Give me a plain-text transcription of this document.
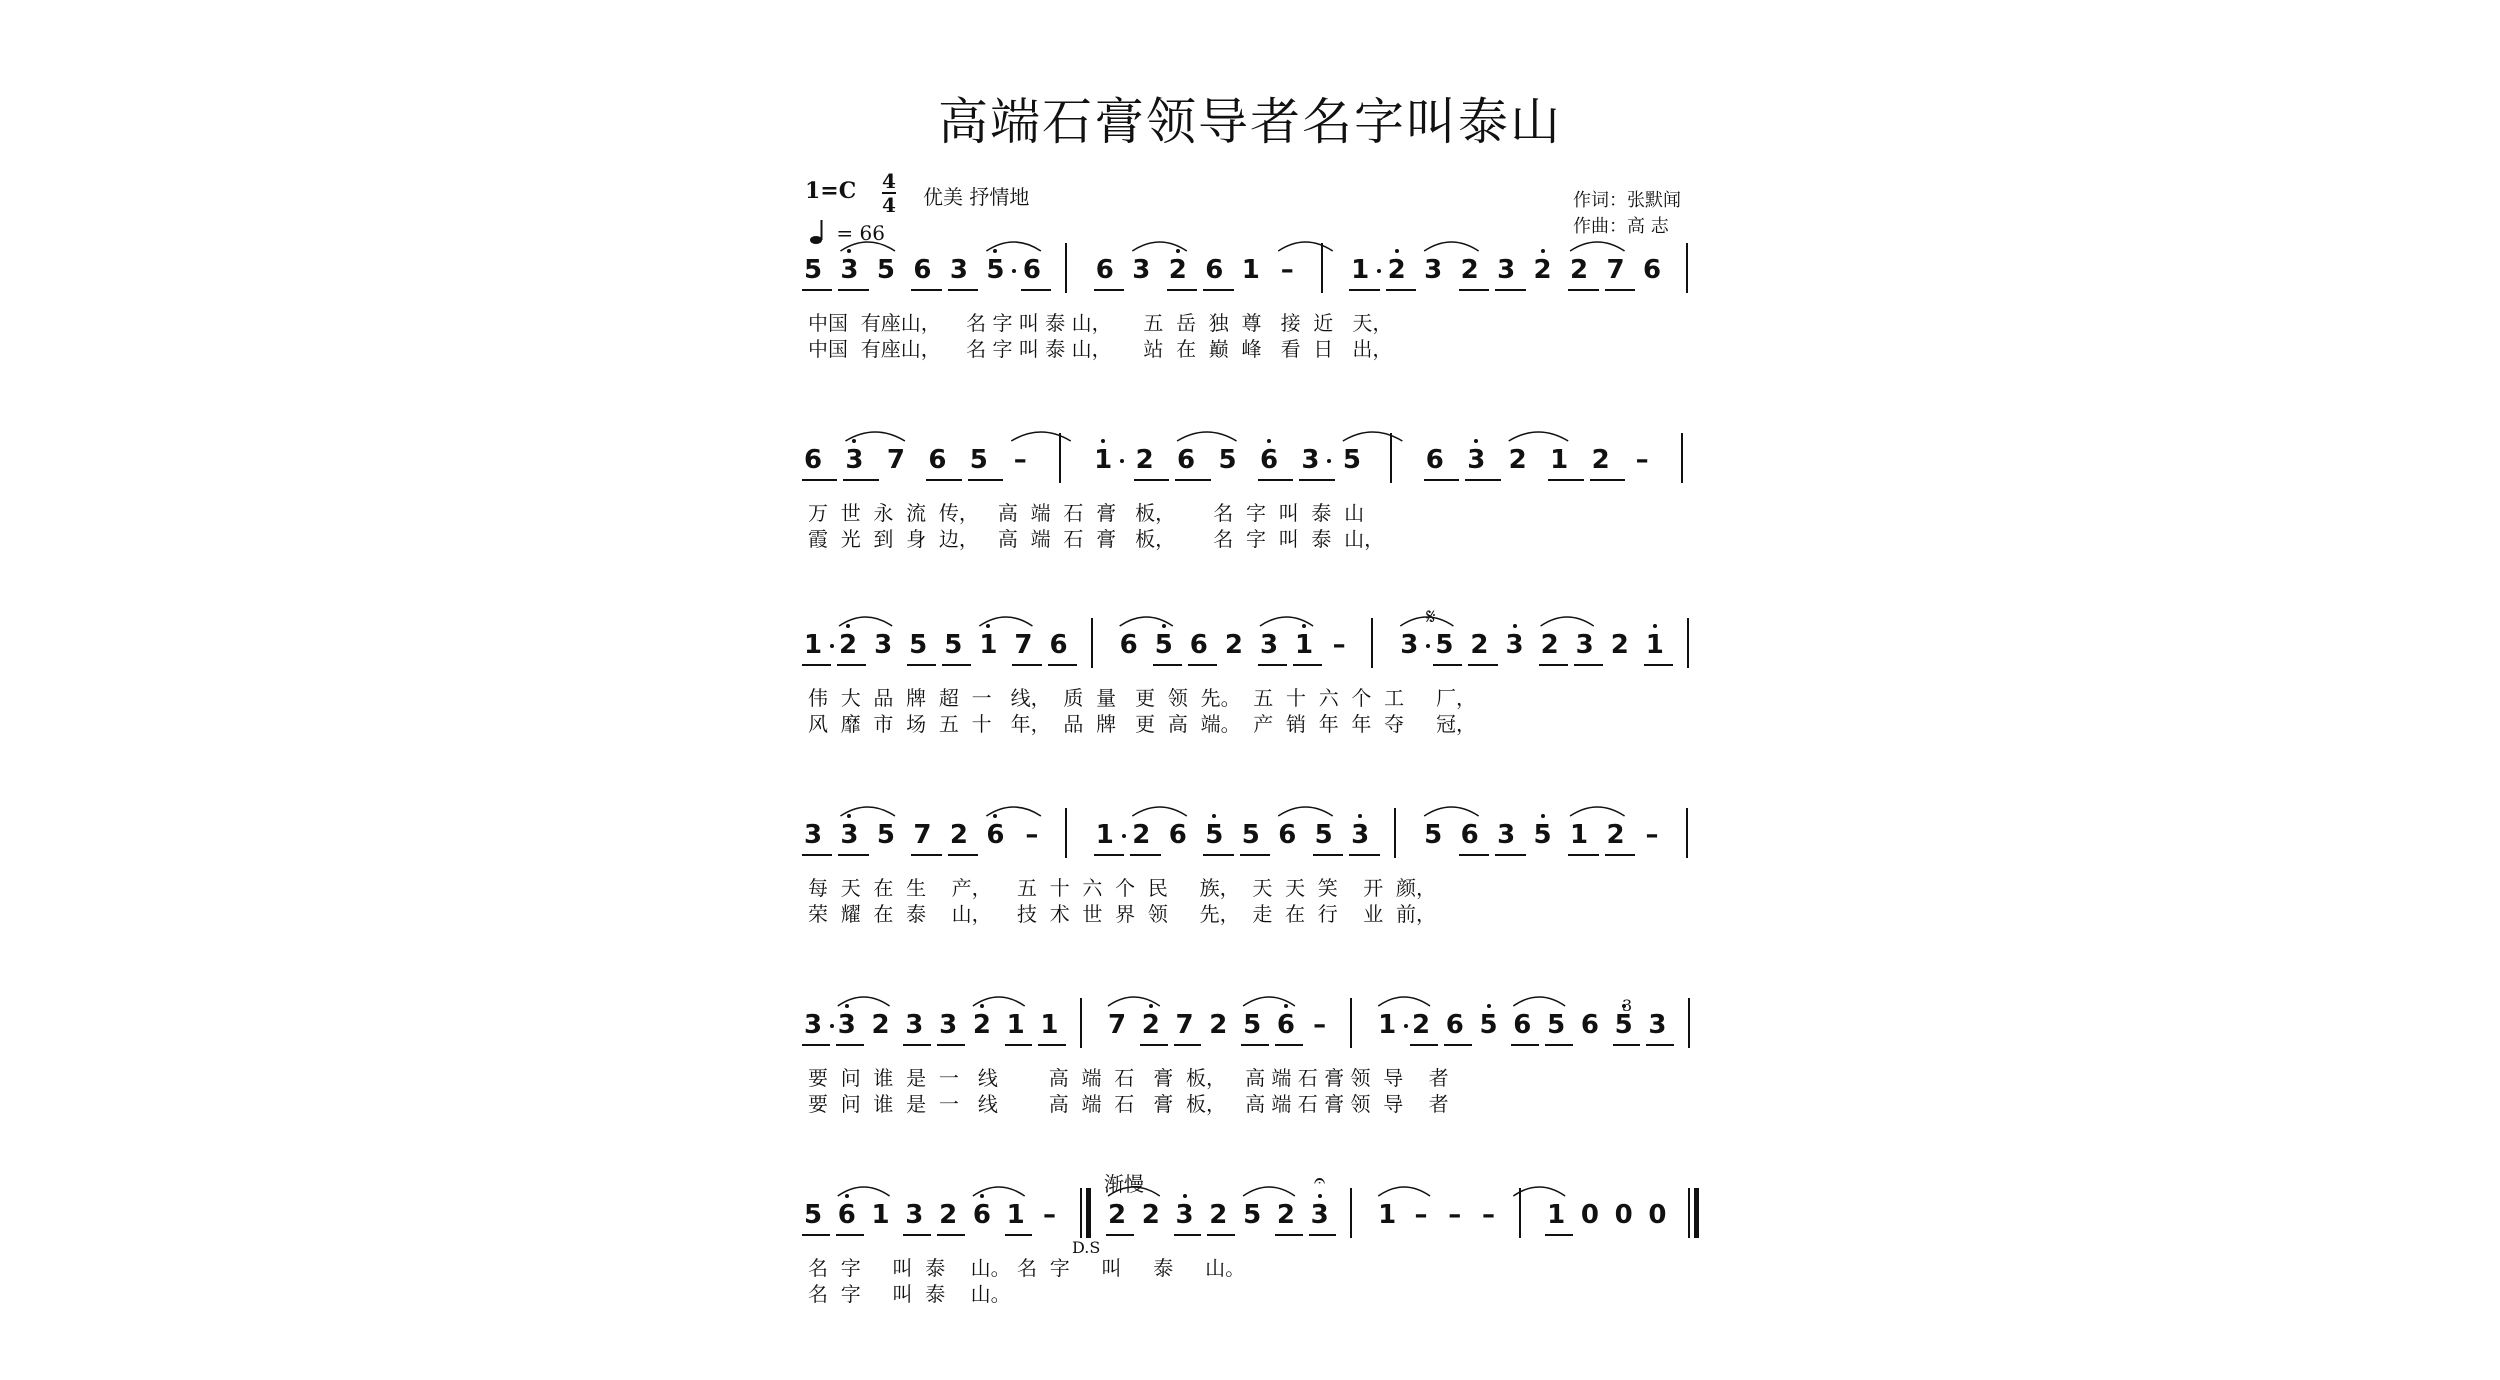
高端石膏领导者名字叫泰山
1=C 4
4 优美 抒情地
= 66
作词：张默闻
作曲：高 志
5 3 5 6 3 5 6 6 3 2 6 1 – 1 2 3 2 3 2 2 7 6
中国  有座山，    名 字 叫 泰 山，     五  岳  独  尊   接  近   天，
中国  有座山，    名 字 叫 泰 山，     站  在  巅  峰   看  日   出，
6 3 7 6 5 –	1 2 6 5 6 3 5 6 3 2 1 2 –
万  世  永  流  传，   高  端  石  膏   板，      名  字  叫  泰  山
霞  光  到  身  边，   高  端  石  膏   板，      名  字  叫  泰  山，
1 2 3 5 5 1 7 6 6 5 6 2 3 1 – 3 5 2 3 2 3 2 1
伟  大  品  牌  超  一   线，  质  量   更  领  先。  五  十  六  个  工     厂，
风  靡  市  场  五  十   年，  品  牌   更  高  端。  产  销  年  年  夺     冠，
3 3 5 7 2 6 – 1 2 6 5 5 6 5 3 5 6 3 5 1 2 –
每  天  在  生    产，    五  十  六  个  民     族，  天  天  笑    开  颜，
荣  耀  在  泰    山，    技  术  世  界  领     先，  走  在  行    业  前，
3 3 2 3 3 2 1 1 7 2 7 2 5 6 – 1 2 6 5 6 5 6 5 3
要  问  谁  是  一   线        高  端  石   膏  板，   高 端 石 膏 领  导    者
要  问  谁  是  一   线        高  端  石   膏  板，   高 端 石 膏 领  导    者
5 6 1 3 2 6 1 – 2 2 3 2 5 2 3 1 – – – 1 0 0 0
名  字     叫  泰    山。 名  字     叫     泰     山。
名  字     叫  泰    山。
渐慢
D.S
3
𝄋
𝄐
